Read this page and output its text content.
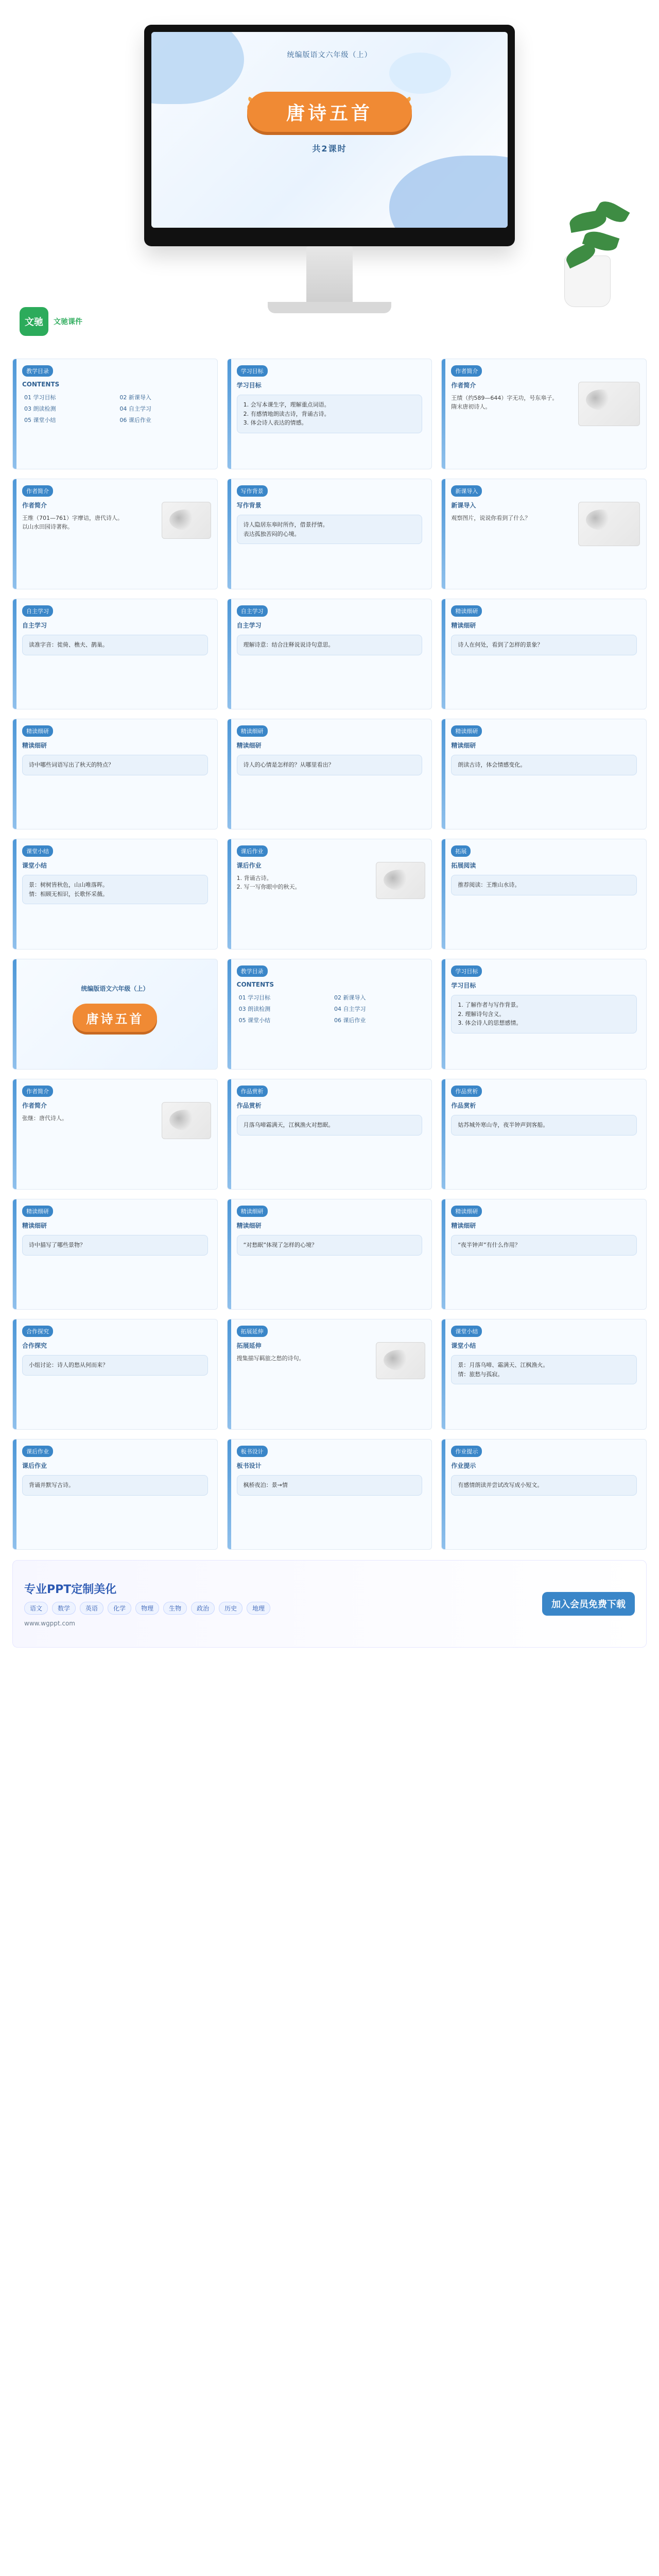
统编版语文六年级（上）
唐诗五首
共2课时
文驰	文驰课件
教学目录
CONTENTS
01 学习目标	02 新课导入
03 朗读检测	04 自主学习
05 课堂小结	06 课后作业
学习目标
学习目标
1. 会写本课生字，理解重点词语。
2. 有感情地朗读古诗，背诵古诗。
3. 体会诗人表达的情感。
作者简介
作者简介
王绩（约589—644）字无功，号东皋子。
隋末唐初诗人。
作者简介
作者简介
王维（701—761）字摩诘，唐代诗人。
以山水田园诗著称。
写作背景
写作背景
诗人隐居东皋时所作，借景抒情。
表达孤独苦闷的心境。
新课导入
新课导入
观察图片，说说你看到了什么？
自主学习
自主学习
读准字音：徙倚、樵夫、鹊巢。
自主学习
自主学习
理解诗意：结合注释说说诗句意思。
精读细研
精读细研
诗人在何处，看到了怎样的景象？
精读细研
精读细研
诗中哪些词语写出了秋天的特点？
精读细研
精读细研
诗人的心情是怎样的？从哪里看出？
精读细研
精读细研
朗读古诗，体会情感变化。
课堂小结
课堂小结
景：树树皆秋色，山山唯落晖。
情：相顾无相识，长歌怀采薇。
课后作业
课后作业
1. 背诵古诗。
2. 写一写你眼中的秋天。
拓展
拓展阅读
推荐阅读：王维山水诗。
统编版语文六年级（上）
唐诗五首
教学目录
CONTENTS
01 学习目标	02 新课导入
03 朗读检测	04 自主学习
05 课堂小结	06 课后作业
学习目标
学习目标
1. 了解作者与写作背景。
2. 理解诗句含义。
3. 体会诗人的思想感情。
作者简介
作者简介
张继：唐代诗人。
作品赏析
作品赏析
月落乌啼霜满天，江枫渔火对愁眠。
作品赏析
作品赏析
姑苏城外寒山寺，夜半钟声到客船。
精读细研
精读细研
诗中描写了哪些景物？
精读细研
精读细研
“对愁眠”体现了怎样的心境？
精读细研
精读细研
“夜半钟声”有什么作用？
合作探究
合作探究
小组讨论：诗人的愁从何而来？
拓展延伸
拓展延伸
搜集描写羁旅之愁的诗句。
课堂小结
课堂小结
景：月落乌啼、霜满天、江枫渔火。
情：旅愁与孤寂。
课后作业
课后作业
背诵并默写古诗。
板书设计
板书设计
枫桥夜泊：景→情
作业提示
作业提示
有感情朗读并尝试改写成小短文。
专业PPT定制美化
语文	数学	英语	化学	物理	生物	政治	历史	地理
www.wgppt.com
加入会员免费下载
